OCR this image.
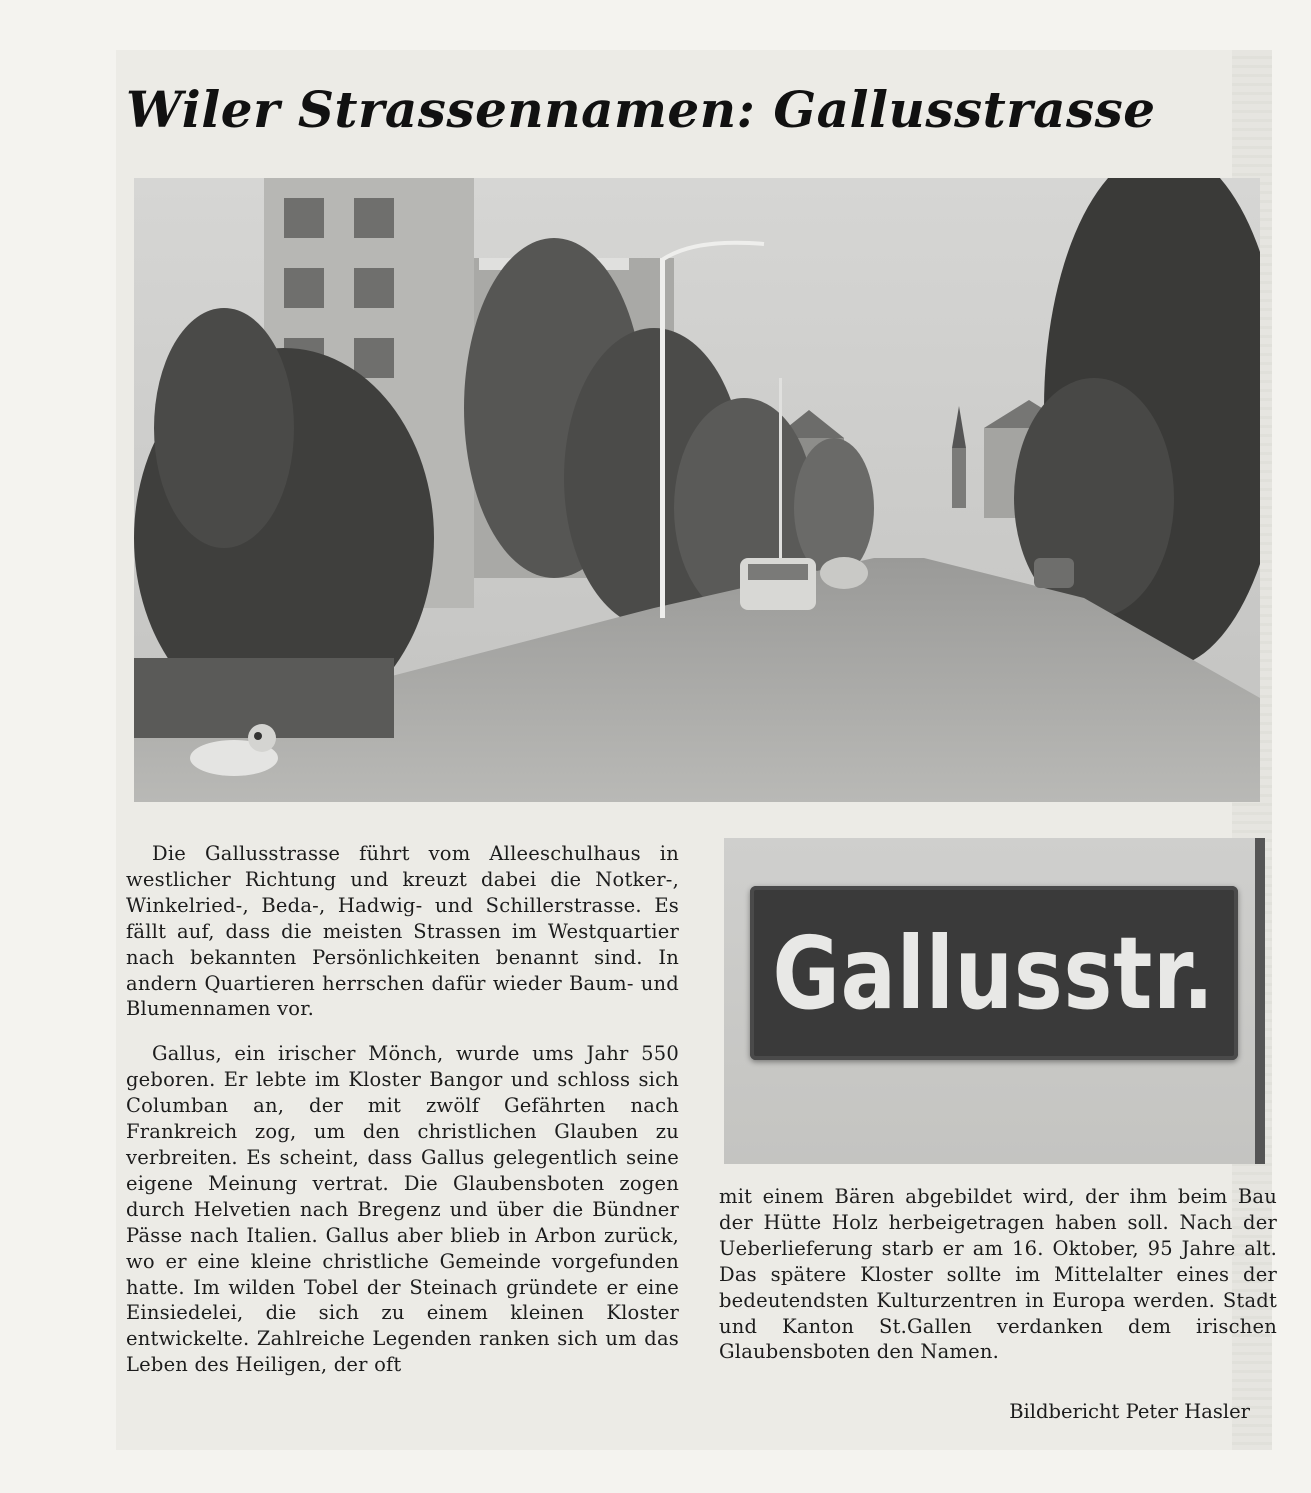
Wiler Strassennamen: Gallusstrasse

Die Gallusstrasse führt vom Alleeschulhaus in westlicher Richtung und kreuzt dabei die Notker-, Winkelried-, Beda-, Hadwig- und Schillerstrasse. Es fällt auf, dass die meisten Strassen im Westquartier nach bekannten Persönlichkeiten benannt sind. In andern Quartieren herrschen dafür wieder Baum- und Blumennamen vor.

Gallus, ein irischer Mönch, wurde ums Jahr 550 geboren. Er lebte im Kloster Bangor und schloss sich Columban an, der mit zwölf Gefährten nach Frankreich zog, um den christlichen Glauben zu verbreiten. Es scheint, dass Gallus gelegentlich seine eigene Meinung vertrat. Die Glaubensboten zogen durch Helvetien nach Bregenz und über die Bündner Pässe nach Italien. Gallus aber blieb in Arbon zurück, wo er eine kleine christliche Gemeinde vorgefunden hatte. Im wilden Tobel der Steinach gründete er eine Einsiedelei, die sich zu einem kleinen Kloster entwickelte. Zahlreiche Legenden ranken sich um das Leben des Heiligen, der oft

Gallusstr.

mit einem Bären abgebildet wird, der ihm beim Bau der Hütte Holz herbeigetragen haben soll. Nach der Ueberlieferung starb er am 16. Oktober, 95 Jahre alt. Das spätere Kloster sollte im Mittelalter eines der bedeutendsten Kulturzentren in Europa werden. Stadt und Kanton St.Gallen verdanken dem irischen Glaubensboten den Namen.

Bildbericht Peter Hasler
